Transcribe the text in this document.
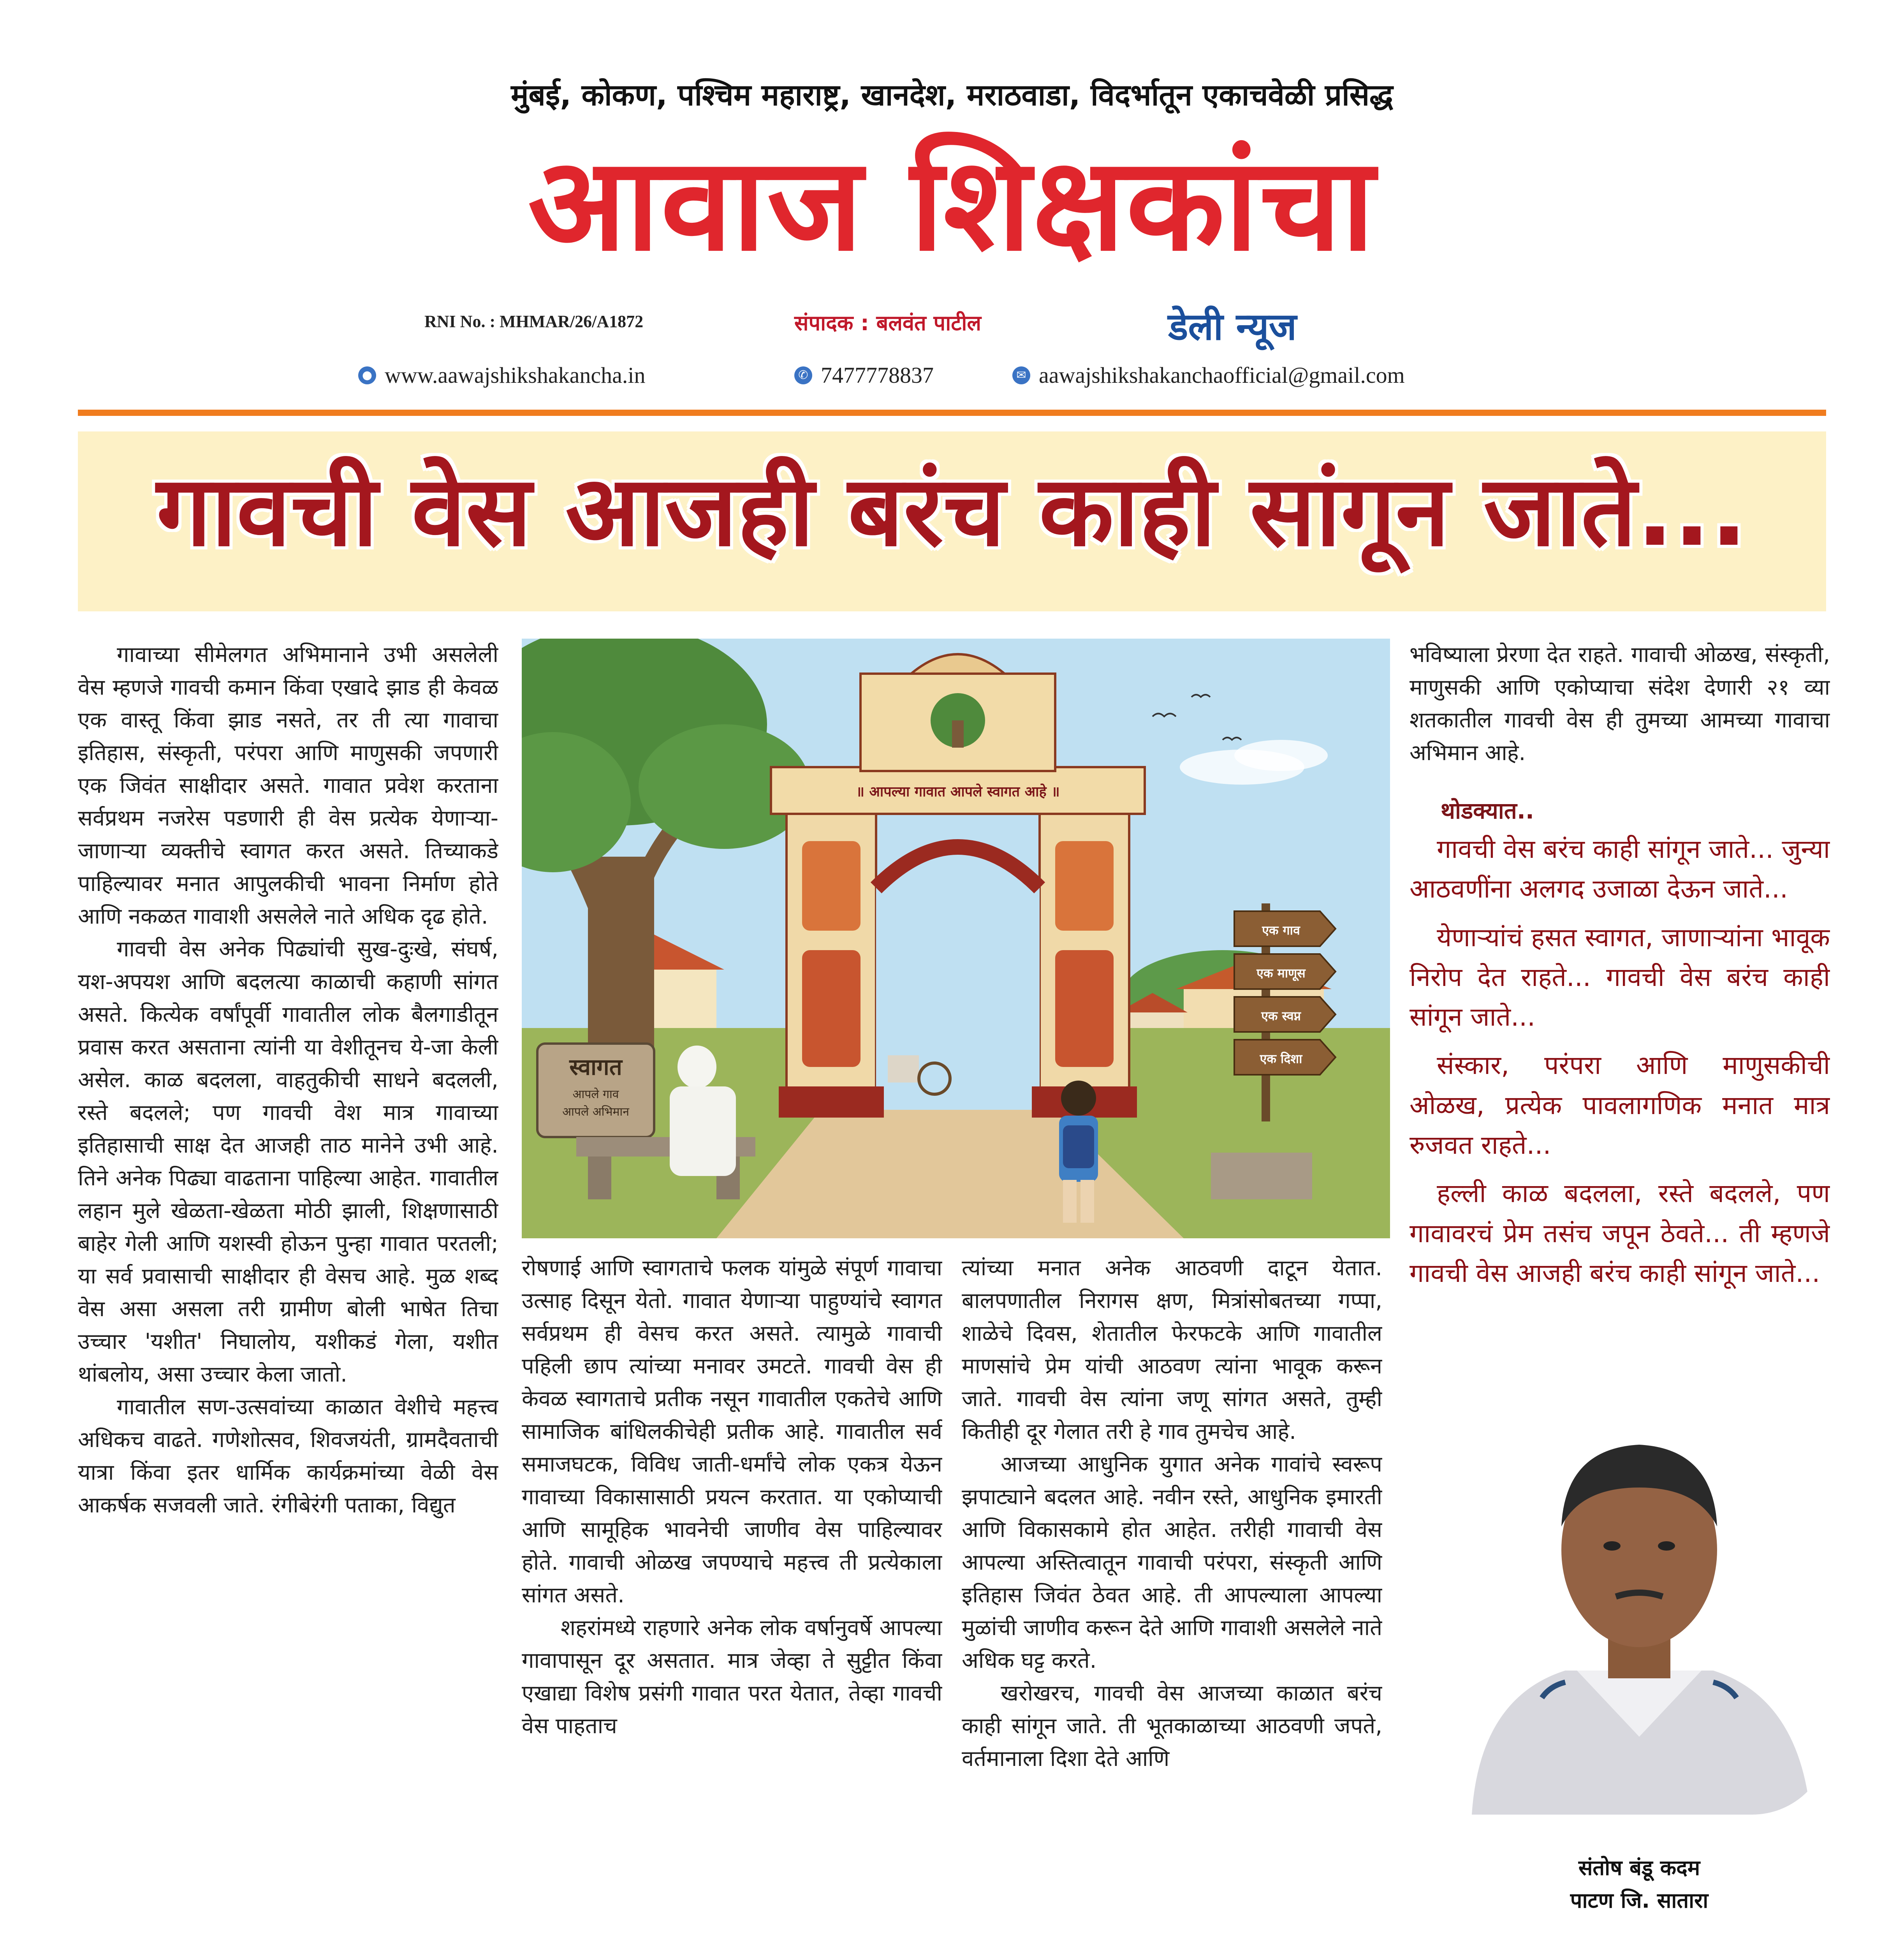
मुंबई, कोकण, पश्चिम महाराष्ट्र, खानदेश, मराठवाडा, विदर्भातून एकाचवेळी प्रसिद्ध
आवाज शिक्षकांचा
RNI No. : MHMAR/26/A1872	संपादक : बलवंत पाटील	डेली न्यूज
● www.aawajshikshakancha.in	✆ 7477778837	✉ aawajshikshakanchaofficial@gmail.com
गावची वेस आजही बरंच काही सांगून जाते...

गावाच्या सीमेलगत अभिमानाने उभी असलेली वेस म्हणजे गावची कमान किंवा एखादे झाड ही केवळ एक वास्तू किंवा झाड नसते, तर ती त्या गावाचा इतिहास, संस्कृती, परंपरा आणि माणुसकी जपणारी एक जिवंत साक्षीदार असते. गावात प्रवेश करताना सर्वप्रथम नजरेस पडणारी ही वेस प्रत्येक येणाऱ्या-जाणाऱ्या व्यक्तीचे स्वागत करत असते. तिच्याकडे पाहिल्यावर मनात आपुलकीची भावना निर्माण होते आणि नकळत गावाशी असलेले नाते अधिक दृढ होते.

गावची वेस अनेक पिढ्यांची सुख-दुःखे, संघर्ष, यश-अपयश आणि बदलत्या काळाची कहाणी सांगत असते. कित्येक वर्षांपूर्वी गावातील लोक बैलगाडीतून प्रवास करत असताना त्यांनी या वेशीतूनच ये-जा केली असेल. काळ बदलला, वाहतुकीची साधने बदलली, रस्ते बदलले; पण गावची वेश मात्र गावाच्या इतिहासाची साक्ष देत आजही ताठ मानेने उभी आहे. तिने अनेक पिढ्या वाढताना पाहिल्या आहेत. गावातील लहान मुले खेळता-खेळता मोठी झाली, शिक्षणासाठी बाहेर गेली आणि यशस्वी होऊन पुन्हा गावात परतली; या सर्व प्रवासाची साक्षीदार ही वेसच आहे. मुळ शब्द वेस असा असला तरी ग्रामीण बोली भाषेत तिचा उच्चार 'यशीत' निघालोय, यशीकडं गेला, यशीत थांबलोय, असा उच्चार केला जातो.

गावातील सण-उत्सवांच्या काळात वेशीचे महत्त्व अधिकच वाढते. गणेशोत्सव, शिवजयंती, ग्रामदैवताची यात्रा किंवा इतर धार्मिक कार्यक्रमांच्या वेळी वेस आकर्षक सजवली जाते. रंगीबेरंगी पताका, विद्युत

॥ आपल्या गावात आपले स्वागत आहे ॥
स्वागत
आपले गाव
आपले अभिमान
एक गाव
एक माणूस
एक स्वप्न
एक दिशा

रोषणाई आणि स्वागताचे फलक यांमुळे संपूर्ण गावाचा उत्साह दिसून येतो. गावात येणाऱ्या पाहुण्यांचे स्वागत सर्वप्रथम ही वेसच करत असते. त्यामुळे गावाची पहिली छाप त्यांच्या मनावर उमटते. गावची वेस ही केवळ स्वागताचे प्रतीक नसून गावातील एकतेचे आणि सामाजिक बांधिलकीचेही प्रतीक आहे. गावातील सर्व समाजघटक, विविध जाती-धर्मांचे लोक एकत्र येऊन गावाच्या विकासासाठी प्रयत्न करतात. या एकोप्याची आणि सामूहिक भावनेची जाणीव वेस पाहिल्यावर होते. गावाची ओळख जपण्याचे महत्त्व ती प्रत्येकाला सांगत असते.

शहरांमध्ये राहणारे अनेक लोक वर्षानुवर्षे आपल्या गावापासून दूर असतात. मात्र जेव्हा ते सुट्टीत किंवा एखाद्या विशेष प्रसंगी गावात परत येतात, तेव्हा गावची वेस पाहताच

त्यांच्या मनात अनेक आठवणी दाटून येतात. बालपणातील निरागस क्षण, मित्रांसोबतच्या गप्पा, शाळेचे दिवस, शेतातील फेरफटके आणि गावातील माणसांचे प्रेम यांची आठवण त्यांना भावूक करून जाते. गावची वेस त्यांना जणू सांगत असते, तुम्ही कितीही दूर गेलात तरी हे गाव तुमचेच आहे.

आजच्या आधुनिक युगात अनेक गावांचे स्वरूप झपाट्याने बदलत आहे. नवीन रस्ते, आधुनिक इमारती आणि विकासकामे होत आहेत. तरीही गावाची वेस आपल्या अस्तित्वातून गावाची परंपरा, संस्कृती आणि इतिहास जिवंत ठेवत आहे. ती आपल्याला आपल्या मुळांची जाणीव करून देते आणि गावाशी असलेले नाते अधिक घट्ट करते.

खरोखरच, गावची वेस आजच्या काळात बरंच काही सांगून जाते. ती भूतकाळाच्या आठवणी जपते, वर्तमानाला दिशा देते आणि

भविष्याला प्रेरणा देत राहते. गावाची ओळख, संस्कृती, माणुसकी आणि एकोप्याचा संदेश देणारी २१ व्या शतकातील गावची वेस ही तुमच्या आमच्या गावाचा अभिमान आहे.

थोडक्यात..

गावची वेस बरंच काही सांगून जाते... जुन्या आठवणींना अलगद उजाळा देऊन जाते...

येणाऱ्यांचं हसत स्वागत, जाणाऱ्यांना भावूक निरोप देत राहते... गावची वेस बरंच काही सांगून जाते...

संस्कार, परंपरा आणि माणुसकीची ओळख, प्रत्येक पावलागणिक मनात मात्र रुजवत राहते...

हल्ली काळ बदलला, रस्ते बदलले, पण गावावरचं प्रेम तसंच जपून ठेवते... ती म्हणजे गावची वेस आजही बरंच काही सांगून जाते...

संतोष बंडू कदम
पाटण जि. सातारा
